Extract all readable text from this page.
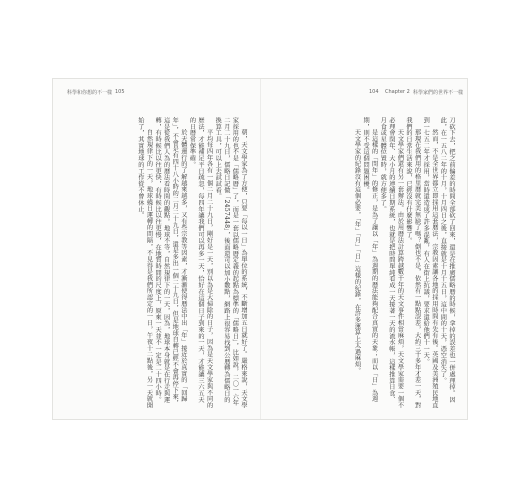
科學和你想的不一樣 105

朝，天文學家為了方便，只要「每以一日」為單位的系統，不斷增加五日就好了。嚴格來說，天文學家採用的也不是「儒略曆」了，而是一套以儒略曆定義的起點為標準的「儒略日」，比如說，二〇一六年二月二十九日，儒略日記做「2457448」，後面還可以加小數點，網路上很容易找到公曆轉為儒略日的換算工具，可以上去試試看。

平均每四年各有一個二月二十九日，剛好是一天，別以為是大掃除的日子，因為是天文學家與不同的歷法，才能補足平日疏忽，每四年讓我們可以再多一天，恰好在這個日子到來的一天，才能讓三六五天的日曆常保準確。

於天體運行的了解越來越多，又有些宗教等因素，才漸漸使得曆法中出「年」接近於真實的「回歸年」，不會是有四十八小時的二月二十九日，還是多出一個二十九日，但是地球自轉已經不會再停下來，這是從我們人為的曆法看時間的觀點。地球不等，自然規律下的一天，因為，地球本身就是在行走與運轉，有時候比以往更快，有時候比以往更慢，在地質時間的尺度上，原來一天並不一定是二十四小時。

自然規律下的一天，地球繞日運轉的間隔，不見得是我們所認定的一日，午夜十二點後，另一天就開始了，其實地球的工作從不曾休止。

104 Chapter 2 科學家們的世界不一樣

刀砍下去，把之前偏差的時間全部砍了回來，還是在推廣儒略曆的時候，拿掉的誤差也一併處理掉。因此，在一五八二年的十月，十月四日之後，直接就是十月十五日，這中間的十天，憑空消失了。

然而，不是全世界都立即採用這套曆法，宗教因素讓各地的採用時間有先有後。英國及美洲殖民地直到一七五二年才採用，當時還造成了許多混亂，有人在街上抗議，要求還給他們十一天。

那現在我們用的格里曆就完美無缺了嗎？倒也不是，依然有一點點誤差，大約三千多年才差一天，對我們的日常生活來說，已經沒有什麼影響了。

天文學家們還有另一套辦法。由於用曆法計算跨越數千年的天文事件相當麻煩，天文學家需要一個不必理會閏年、大小月的連續日期系統，也就是把時間單純看成一天接著一天的流水帳，這樣推算日食、月食或星體位置時，就方便多了。

是這樣的「閏年」的修正，是為了讓以「年」為週期的曆法能夠配合真實的天象；而以「日」為週期，則不受這個問題困擾。

天文學家的紀錄沒有這個必要，「年」「月」「日」這樣的紀錄，在許多運算上太過麻煩。
